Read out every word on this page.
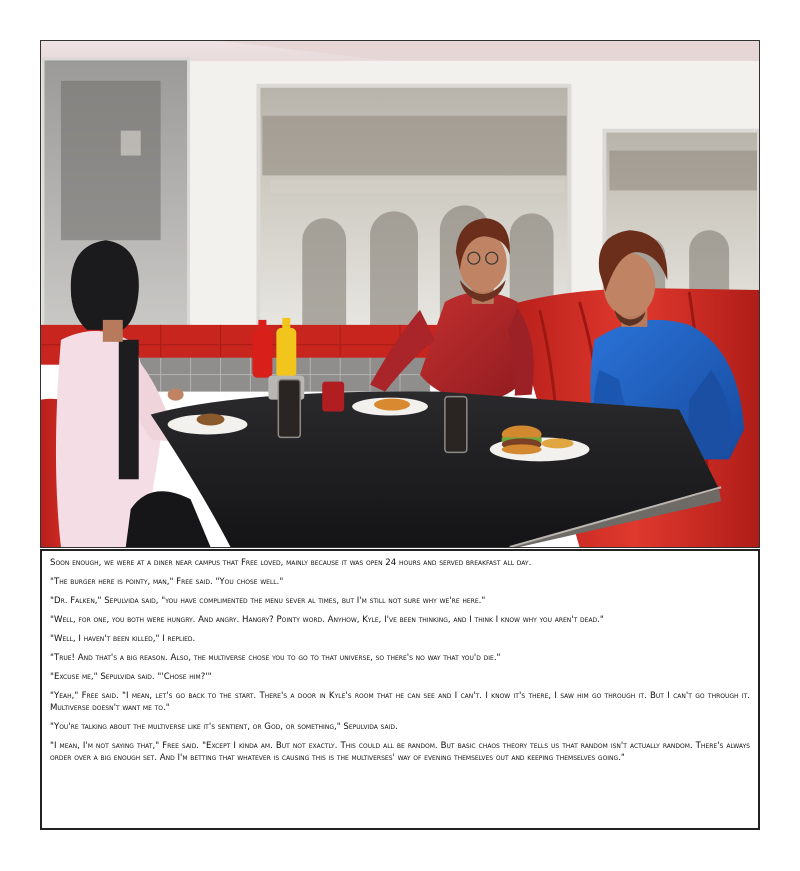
Soon enough, we were at a diner near campus that Free loved, mainly because it was open 24 hours and served breakfast all day.

"The burger here is pointy, man," Free said. "You chose well."

"Dr. Falken," Sepulvida said, "you have complimented the menu sever al times, but I'm still not sure why we're here."

"Well, for one, you both were hungry. And angry. Hangry? Pointy word. Anyhow, Kyle, I've been thinking, and I think I know why you aren't dead."

"Well, I haven't been killed," I replied.

"True! And that's a big reason. Also, the multiverse chose you to go to that universe, so there's no way that you'd die."

"Excuse me," Sepulvida said. "'Chose him?'"

"Yeah," Free said. "I mean, let's go back to the start. There's a door in Kyle's room that he can see and I can't. I know it's there, I saw him go through it. But I can't go through it. Multiverse doesn't want me to."

"You're talking about the multiverse like it's sentient, or God, or something," Sepulvida said.

"I mean, I'm not saying that," Free said. "Except I kinda am. But not exactly. This could all be random. But basic chaos theory tells us that random isn't actually random. There's always order over a big enough set. And I'm betting that whatever is causing this is the multiverses' way of evening themselves out and keeping themselves going."
